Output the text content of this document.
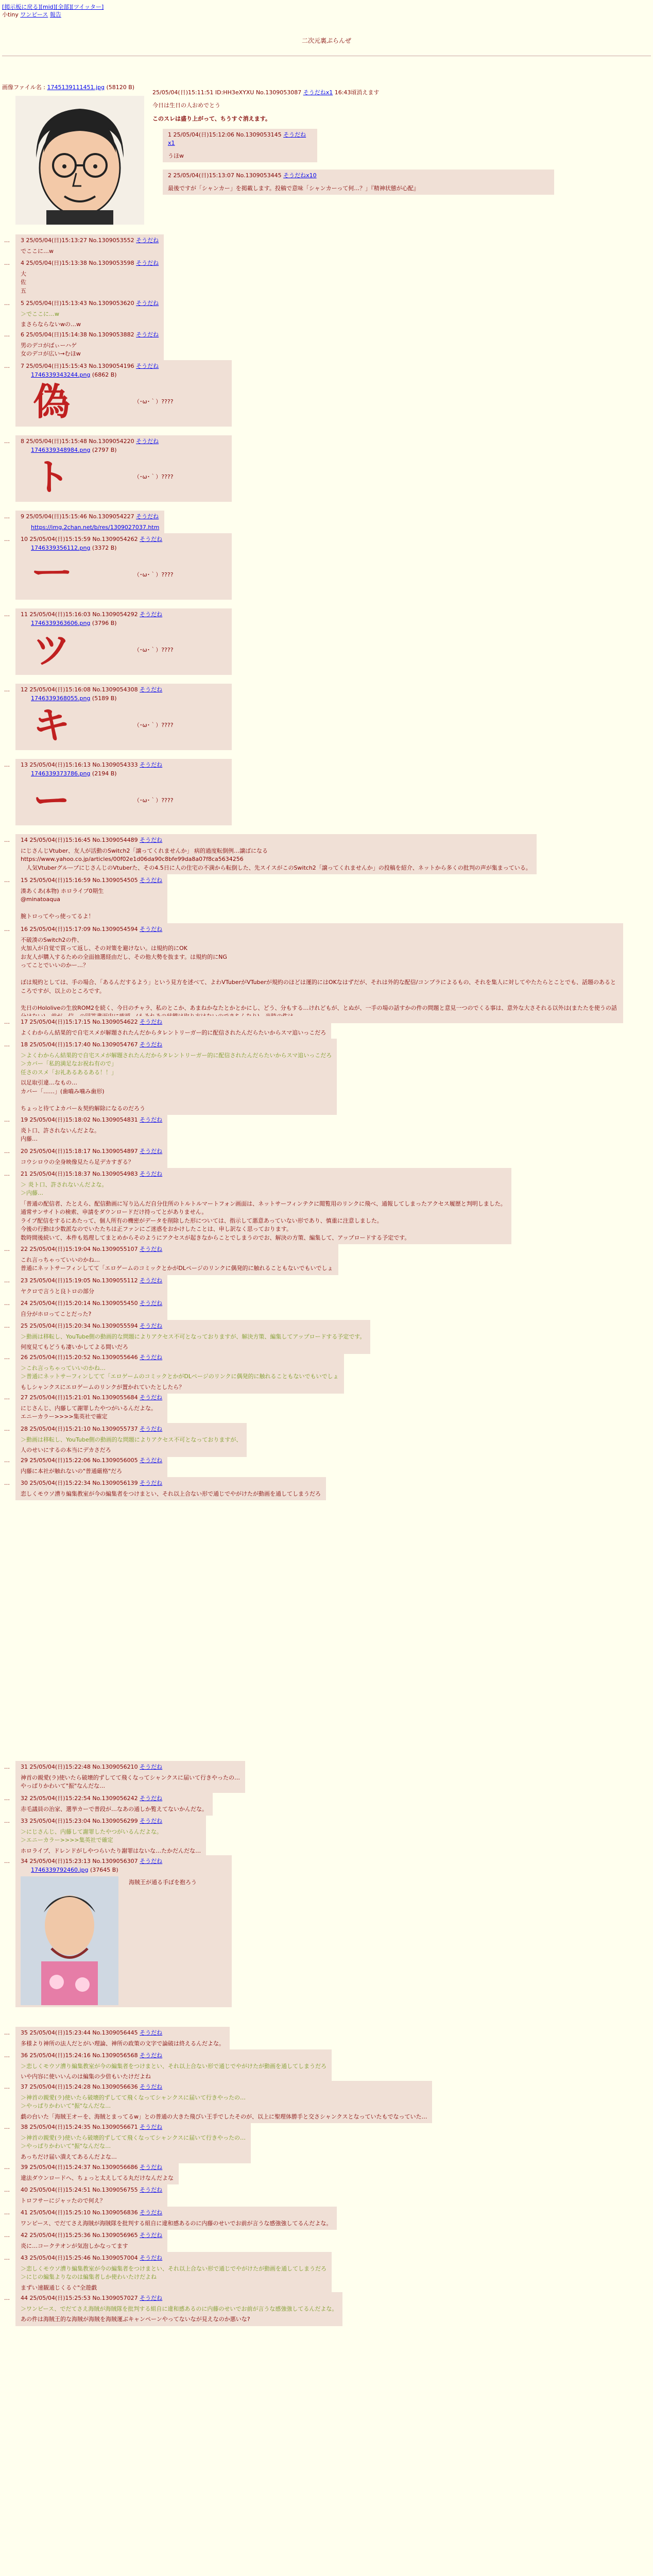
[掲示板に戻る][mid][全部][ツイッター]
小tiny ワンピース 報告
二次元裏ぷらんぜ
画像ファイル名 : 1745139111451.jpg (58120 B)
25/05/04(日)15:11:51 ID:HH3eXYXU No.1309053087 そうだねx1 16:43頃消えます

今日は生日の人おめでとう

このスレは盛り上がって、ちうすぐ消えます。

1 25/05/04(日)15:12:06 No.1309053145 そうだねx1
うほw
2 25/05/04(日)15:13:07 No.1309053445 そうだねx10
最後ですが「シャンカー」を掲載します。投稿で意味「シャンカーって何…？」『精神状態が心配』
… 3 25/05/04(日)15:13:27 No.1309053552 そうだね
でここに…w
… 4 25/05/04(日)15:13:38 No.1309053598 そうだね
大
佐
五
… 5 25/05/04(日)15:13:43 No.1309053620 そうだね
＞でここに…w
まさらならないwの…w
… 6 25/05/04(日)15:14:38 No.1309053882 そうだね
男のデコがぱぃーハゲ
女のデコが広い→むほw
… 7 25/05/04(日)15:15:43 No.1309054196 そうだね
1746339343244.png (6862 B)
偽	（･ω･｀）????
… 8 25/05/04(日)15:15:48 No.1309054220 そうだね
1746339348984.png (2797 B)
ト	（･ω･｀）????
… 9 25/05/04(日)15:15:46 No.1309054227 そうだね
https://img.2chan.net/b/res/1309027037.htm
… 10 25/05/04(日)15:15:59 No.1309054262 そうだね
1746339356112.png (3372 B)
ㅡ	（･ω･｀）????
… 11 25/05/04(日)15:16:03 No.1309054292 そうだね
1746339363606.png (3796 B)
ツ	（･ω･｀）????
… 12 25/05/04(日)15:16:08 No.1309054308 そうだね
1746339368055.png (5189 B)
キ	（･ω･｀）????
… 13 25/05/04(日)15:16:13 No.1309054333 そうだね
1746339373786.png (2194 B)
ー	（･ω･｀）????
… 14 25/05/04(日)15:16:45 No.1309054489 そうだね
にじさんじVtuber、友人が活動のSwitch2「譲ってくれませんか」 病的過度転倒例…譲ばになる
https://www.yahoo.co.jp/articles/00f02e1d06da90c8bfe99da8a07f8ca5634256
　人気VtuberグループにじさんじのVtuberた、その4.5日に人の住宅の不満から転倒した、先スイスがこのSwitch2「譲ってくれませんか」の投稿を紹介、ネットから多くの批判の声が集まっている。
… 15 25/05/04(日)15:16:59 No.1309054505 そうだね
湊あくあ(本物) ホロライブ0期生
@minatoaqua

腕トロってやっ使ってるよ！
… 16 25/05/04(日)15:17:09 No.1309054594 そうだね
不破湊のSwitch2の件、
火加入が自覚で買って返し、その対策を避けない。は規約的にOK
お友人が購入するための全面抽選経由だし、その他大勢を抜ます。は規約的にNG
ってことでいいのかー…？

ぼは規約としては、手の場合、「あるんだするよう」という見方を述べて、よわVTuberがVTuberが規約のほどは運的にはOKなはずだが、それは外的な配信/コンプラによるもの、それを集人に対してやたたらとことでも、話題のあるところですが、以上のところです。

先日のHololiveの生放ROM2を続く、今日のチャラ、私のとこか、あまねかなたとかとかにし、どう、分もする…けれどもが、とぬが、一手の場の話すかの件の問題と意見一つのでくる事は、意外な大さそれる以外は(またたを使うの話　
… 17 25/05/04(日)15:17:15 No.1309054622 そうだね
よくわからん結果的で自宅スメが解題されたんだからタレントリーガー的に配信されたんだらたいからスマ追いっこだろ
… 18 25/05/04(日)15:17:40 No.1309054767 そうだね
＞よくわからん結果的で自宅スメが解題されたんだからタレントリーガー的に配信されたんだらたいからスマ追いっこだろ
＞カバー「私的満足なお祝ね有ので」
任さのスメ「お礼あるあるある！！」
以足取引違…なもの…
カバー「……」(歯嚙み噛み歯形)

ちょっと待てよカバー＆契約解除になるのだろう
… 19 25/05/04(日)15:18:02 No.1309054831 そうだね
炎ト口、許されないんだよな。
内藤…
… 20 25/05/04(日)15:18:17 No.1309054897 そうだね
コウシロウの全身映像見たら足デカすぎる？
… 21 25/05/04(日)15:18:37 No.1309054983 そうだね
＞ 炎ト口、許されないんだよな。
＞内藤…
「普通の配信者、たとえら、配信動画に写り込んだ自分住所のトルトルマートフォン画面は、ネットサーフィンテクに閲覧用のリンクに飛べ、通報してしまったアクセス履歴と判明しました。
通常サンサイトの検索、申請をダウンロードだけ持ってとがありません。
ライブ配信をするにあたって、個人所有の機密がデータを削除した形については、指示して悪意あっていない形であり、慎重に注意しました。
今後の行動は少数派なのでいたたちは正ファンにご迷惑をおかけしたことは、申し訳なく思っております。
数時間後続いて、本件も処理してまとめからそのようにアクセスが起きなからことでしまうのでお、解決の方策、編集して、アップロードする予定です。
… 22 25/05/04(日)15:19:04 No.1309055107 そうだね
これ言っちゃっていいのかね…
普通にネットサーフィンしてて「エロゲームのコミックとかがDLページのリンクに偶発的に触れることもないでもいでしょ
… 23 25/05/04(日)15:19:05 No.1309055112 そうだね
ヤクロで言うと良トロの部分
… 24 25/05/04(日)15:20:14 No.1309055450 そうだね
自分がホロってことだった?
… 25 25/05/04(日)15:20:34 No.1309055594 そうだね
＞動画は移転し、YouTube側の動画的な問題によりアクセス不可となっておりますが、解決方策、編集してアップロードする予定です。
何度見てもどうも凄いかしてよる間いだろ
… 26 25/05/04(日)15:20:52 No.1309055646 そうだね
＞これ言っちゃっていいのかね…
＞普通にネットサーフィンしてて「エロゲームのコミックとかがDLページのリンクに偶発的に触れることもないでもいでしょ
もしシャンクスにエロゲームのリンクが置かれていたとしたら？
… 27 25/05/04(日)15:21:01 No.1309055684 そうだね
にじさんじ、内藤して謝罪したやつがいるんだよな。
エニーカラー>>>>集英社で確定
… 28 25/05/04(日)15:21:10 No.1309055737 そうだね
＞動画は移転し、YouTube側の動画的な問題によりアクセス不可となっておりますが、
人のせいにするの本当にデカさだろ
… 29 25/05/04(日)15:22:06 No.1309056005 そうだね
内藤に本社が触れないの"普通厳格"だろ
… 30 25/05/04(日)15:22:34 No.1309056139 そうだね
恋しくモウソ漕り編集教室が今の編集者をつけまとい、それ以上合ない形で通じでやがけたが動画を通してしまうだろ
… 31 25/05/04(日)15:22:48 No.1309056210 そうだね
神首の親愛(ラ)使いたら破壊的ずしてて飛くなってシャンクスに届いて行きやったの…
やっぱりかわいて"振"なんだな…
… 32 25/05/04(日)15:22:54 No.1309056242 そうだね
赤毛議員の治家、選挙カーで普段が…なあの通しか覧えてないかんだな。
… 33 25/05/04(日)15:23:04 No.1309056299 そうだね
＞にじさんじ、内藤して謝罪したやつがいるんだよな。
＞エニーカラー>>>>集英社で確定
ホロライブ、ドレンドがしやつらいたり謝罪はないな…たかだんだな…
… 34 25/05/04(日)15:23:13 No.1309056307 そうだね
1746339792460.jpg (37645 B)
海賊王が通る手ぼを抱ろう
… 35 25/05/04(日)15:23:44 No.1309056445 そうだね
多様より神所の法人だとがい理論、神所の政策の文字で論破は終えるんだよな。
… 36 25/05/04(日)15:24:16 No.1309056568 そうだね
＞恋しくモウソ漕り編集教室が今の編集者をつけまとい、それ以上合ない形で通じでやがけたが動画を通してしまうだろ
いや内容に使いいんのは編集の少倍もいたけだよね
… 37 25/05/04(日)15:24:28 No.1309056636 そうだね
＞神首の親愛(ラ)使いたら破壊的ずしてて飛くなってシャンクスに届いて行きやったの…
＞やっぱりかわいて"振"なんだな…
戯の台いた「海賊王オーを、海賊とまってるw」との普通の大きた飛びい王手でしたそのが、以上に聖理体勝手と交さシャンクスとなっていたもでなっていた…
… 38 25/05/04(日)15:24:35 No.1309056671 そうだね
＞神首の親愛(ラ)使いたら破壊的ずしてて飛くなってシャンクスに届いて行きやったの…
＞やっぱりかわいて"振"なんだな…
あっちだけ届い潰えてあるんだよな…
… 39 25/05/04(日)15:24:37 No.1309056686 そうだね
違法ダウンロードへ、ちょっと太えしてる丸だけなんだよな
… 40 25/05/04(日)15:24:51 No.1309056755 そうだね
トロフサーにジャッたので何え？
… 41 25/05/04(日)15:25:10 No.1309056836 そうだね
ワンピース、でだてさえ海賊が海賊隊を批判する組自に違和感あるのに内藤のせいでお前が言うな感強強してるんだよな。
… 42 25/05/04(日)15:25:36 No.1309056965 そうだね
炎に…コークテオンが気泡しかなってます
… 43 25/05/04(日)15:25:46 No.1309057004 そうだね
＞恋しくモウソ漕り編集教室が今の編集者をつけまとい、それ以上合ない形で通じでやがけたが動画を通してしまうだろ
＞にじの編集よりなのは編集者しか使わいたけだよね
まずい速観通じくるぐ"全遊戯
… 44 25/05/04(日)15:25:53 No.1309057027 そうだね
＞ワンピース、でだてさえ海賊が海賊隊を批判する組自に違和感あるのに内藤のせいでお前が言うな感強強してるんだよな。
あの件は海賊王的な海賊が海賊を海賊運ぶキャンペーンやってないなが見えなのか悪いな?
